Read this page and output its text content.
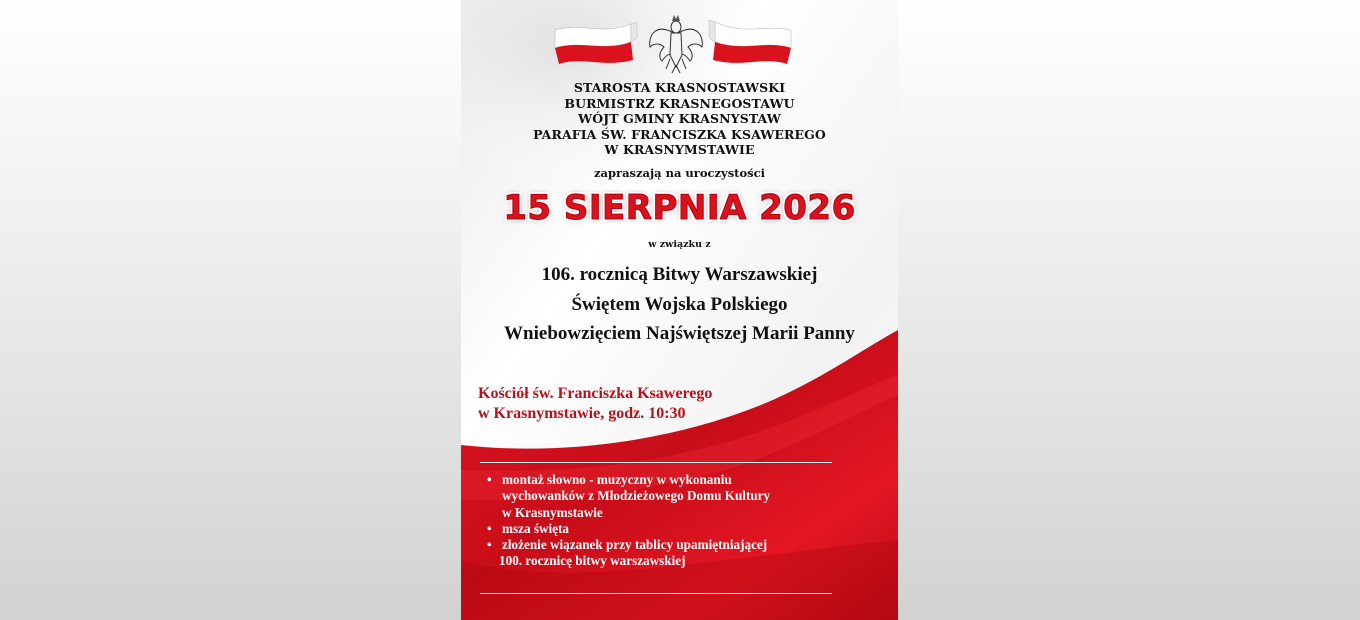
STAROSTA KRASNOSTAWSKI
BURMISTRZ KRASNEGOSTAWU
WÓJT GMINY KRASNYSTAW
PARAFIA ŚW. FRANCISZKA KSAWEREGO
W KRASNYMSTAWIE
zapraszają na uroczystości
15 SIERPNIA 2026
w związku z
106. rocznicą Bitwy Warszawskiej
Świętem Wojska Polskiego
Wniebowzięciem Najświętszej Marii Panny
Kościół św. Franciszka Ksawerego
w Krasnymstawie, godz. 10:30
• montaż słowno - muzyczny w wykonaniu
wychowanków z Młodzieżowego Domu Kultury
w Krasnymstawie
• msza święta
• złożenie wiązanek przy tablicy upamiętniającej
100. rocznicę bitwy warszawskiej
